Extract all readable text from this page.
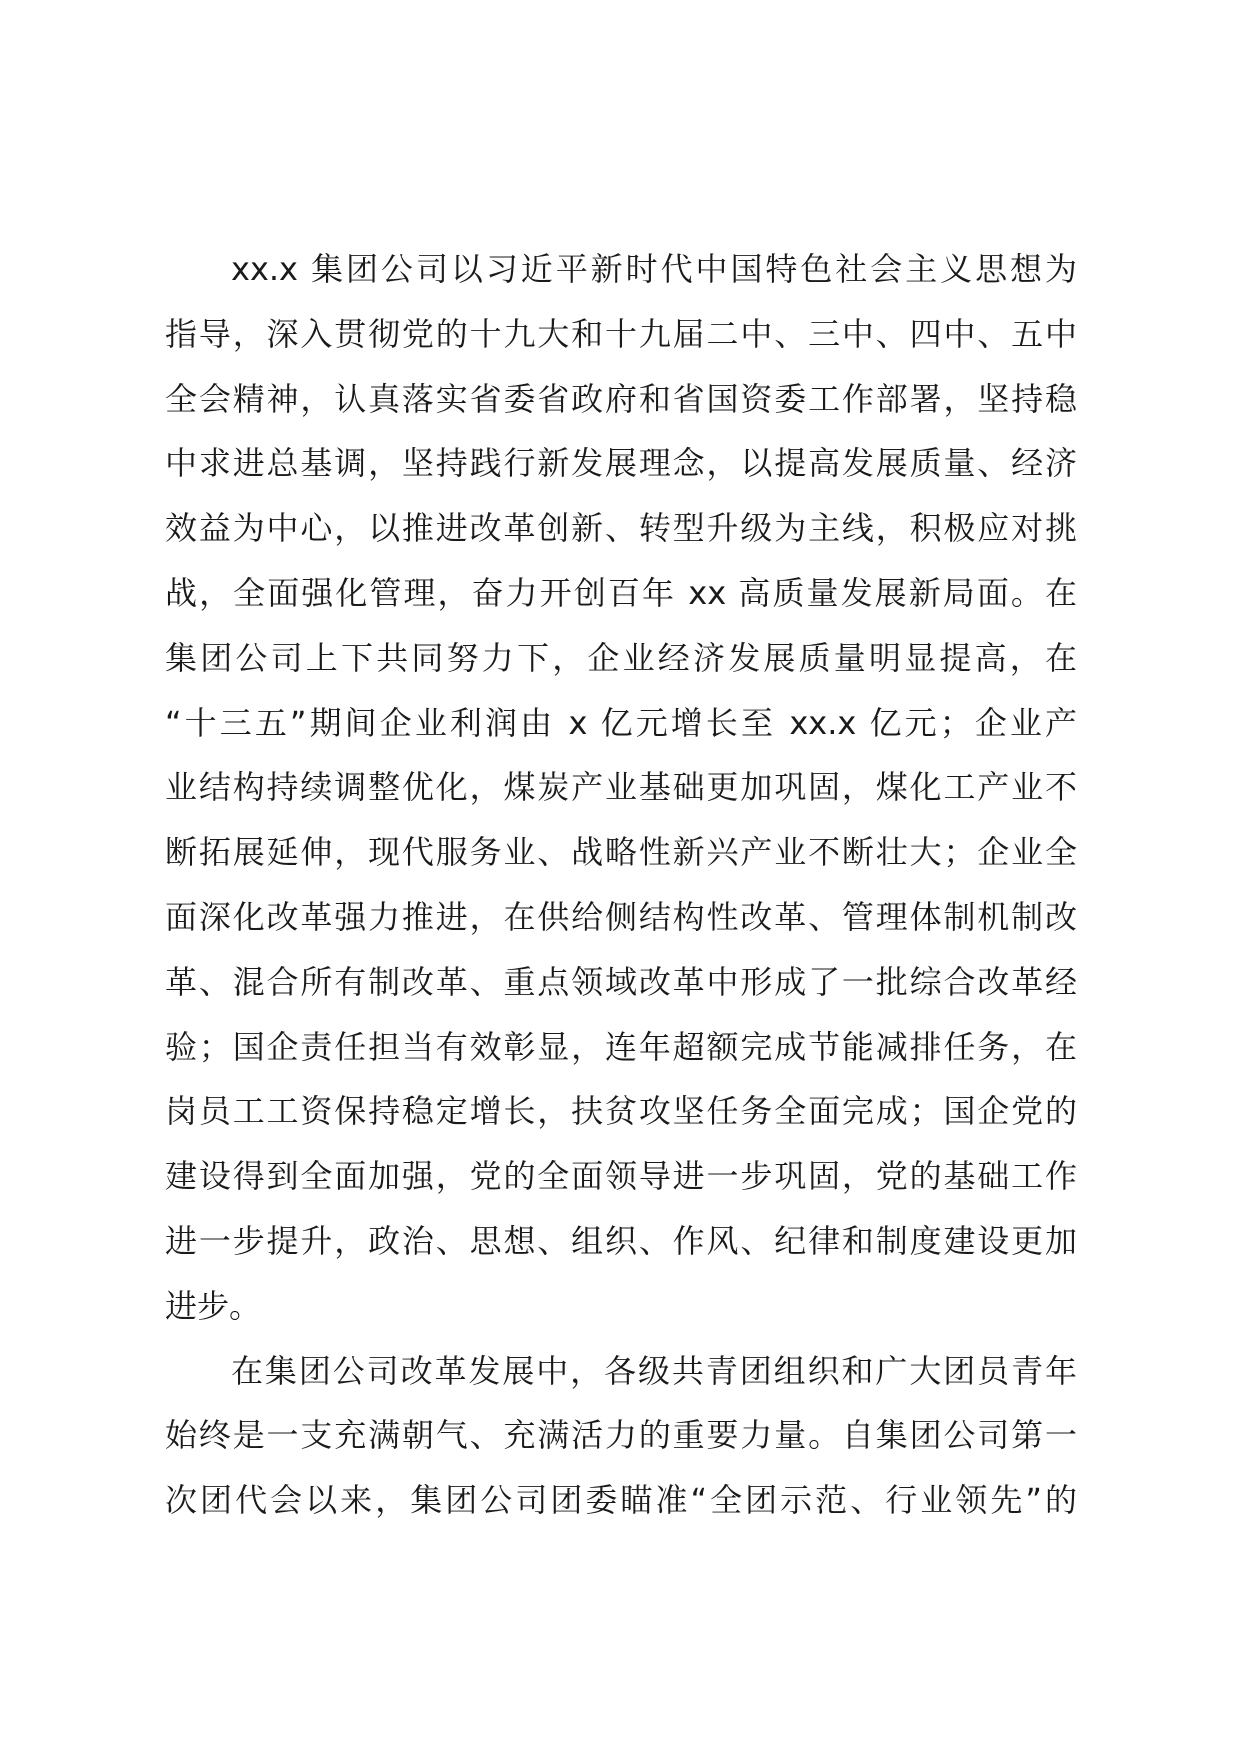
xx.x 集团公司以习近平新时代中国特色社会主义思想为
指导，深入贯彻党的十九大和十九届二中、三中、四中、五中
全会精神，认真落实省委省政府和省国资委工作部署，坚持稳
中求进总基调，坚持践行新发展理念，以提高发展质量、经济
效益为中心，以推进改革创新、转型升级为主线，积极应对挑
战，全面强化管理，奋力开创百年 xx 高质量发展新局面。在
集团公司上下共同努力下，企业经济发展质量明显提高，在
“十三五”期间企业利润由 x 亿元增长至 xx.x 亿元；企业产
业结构持续调整优化，煤炭产业基础更加巩固，煤化工产业不
断拓展延伸，现代服务业、战略性新兴产业不断壮大；企业全
面深化改革强力推进，在供给侧结构性改革、管理体制机制改
革、混合所有制改革、重点领域改革中形成了一批综合改革经
验；国企责任担当有效彰显，连年超额完成节能减排任务，在
岗员工工资保持稳定增长，扶贫攻坚任务全面完成；国企党的
建设得到全面加强，党的全面领导进一步巩固，党的基础工作
进一步提升，政治、思想、组织、作风、纪律和制度建设更加
进步。
在集团公司改革发展中，各级共青团组织和广大团员青年
始终是一支充满朝气、充满活力的重要力量。自集团公司第一
次团代会以来，集团公司团委瞄准“全团示范、行业领先”的
